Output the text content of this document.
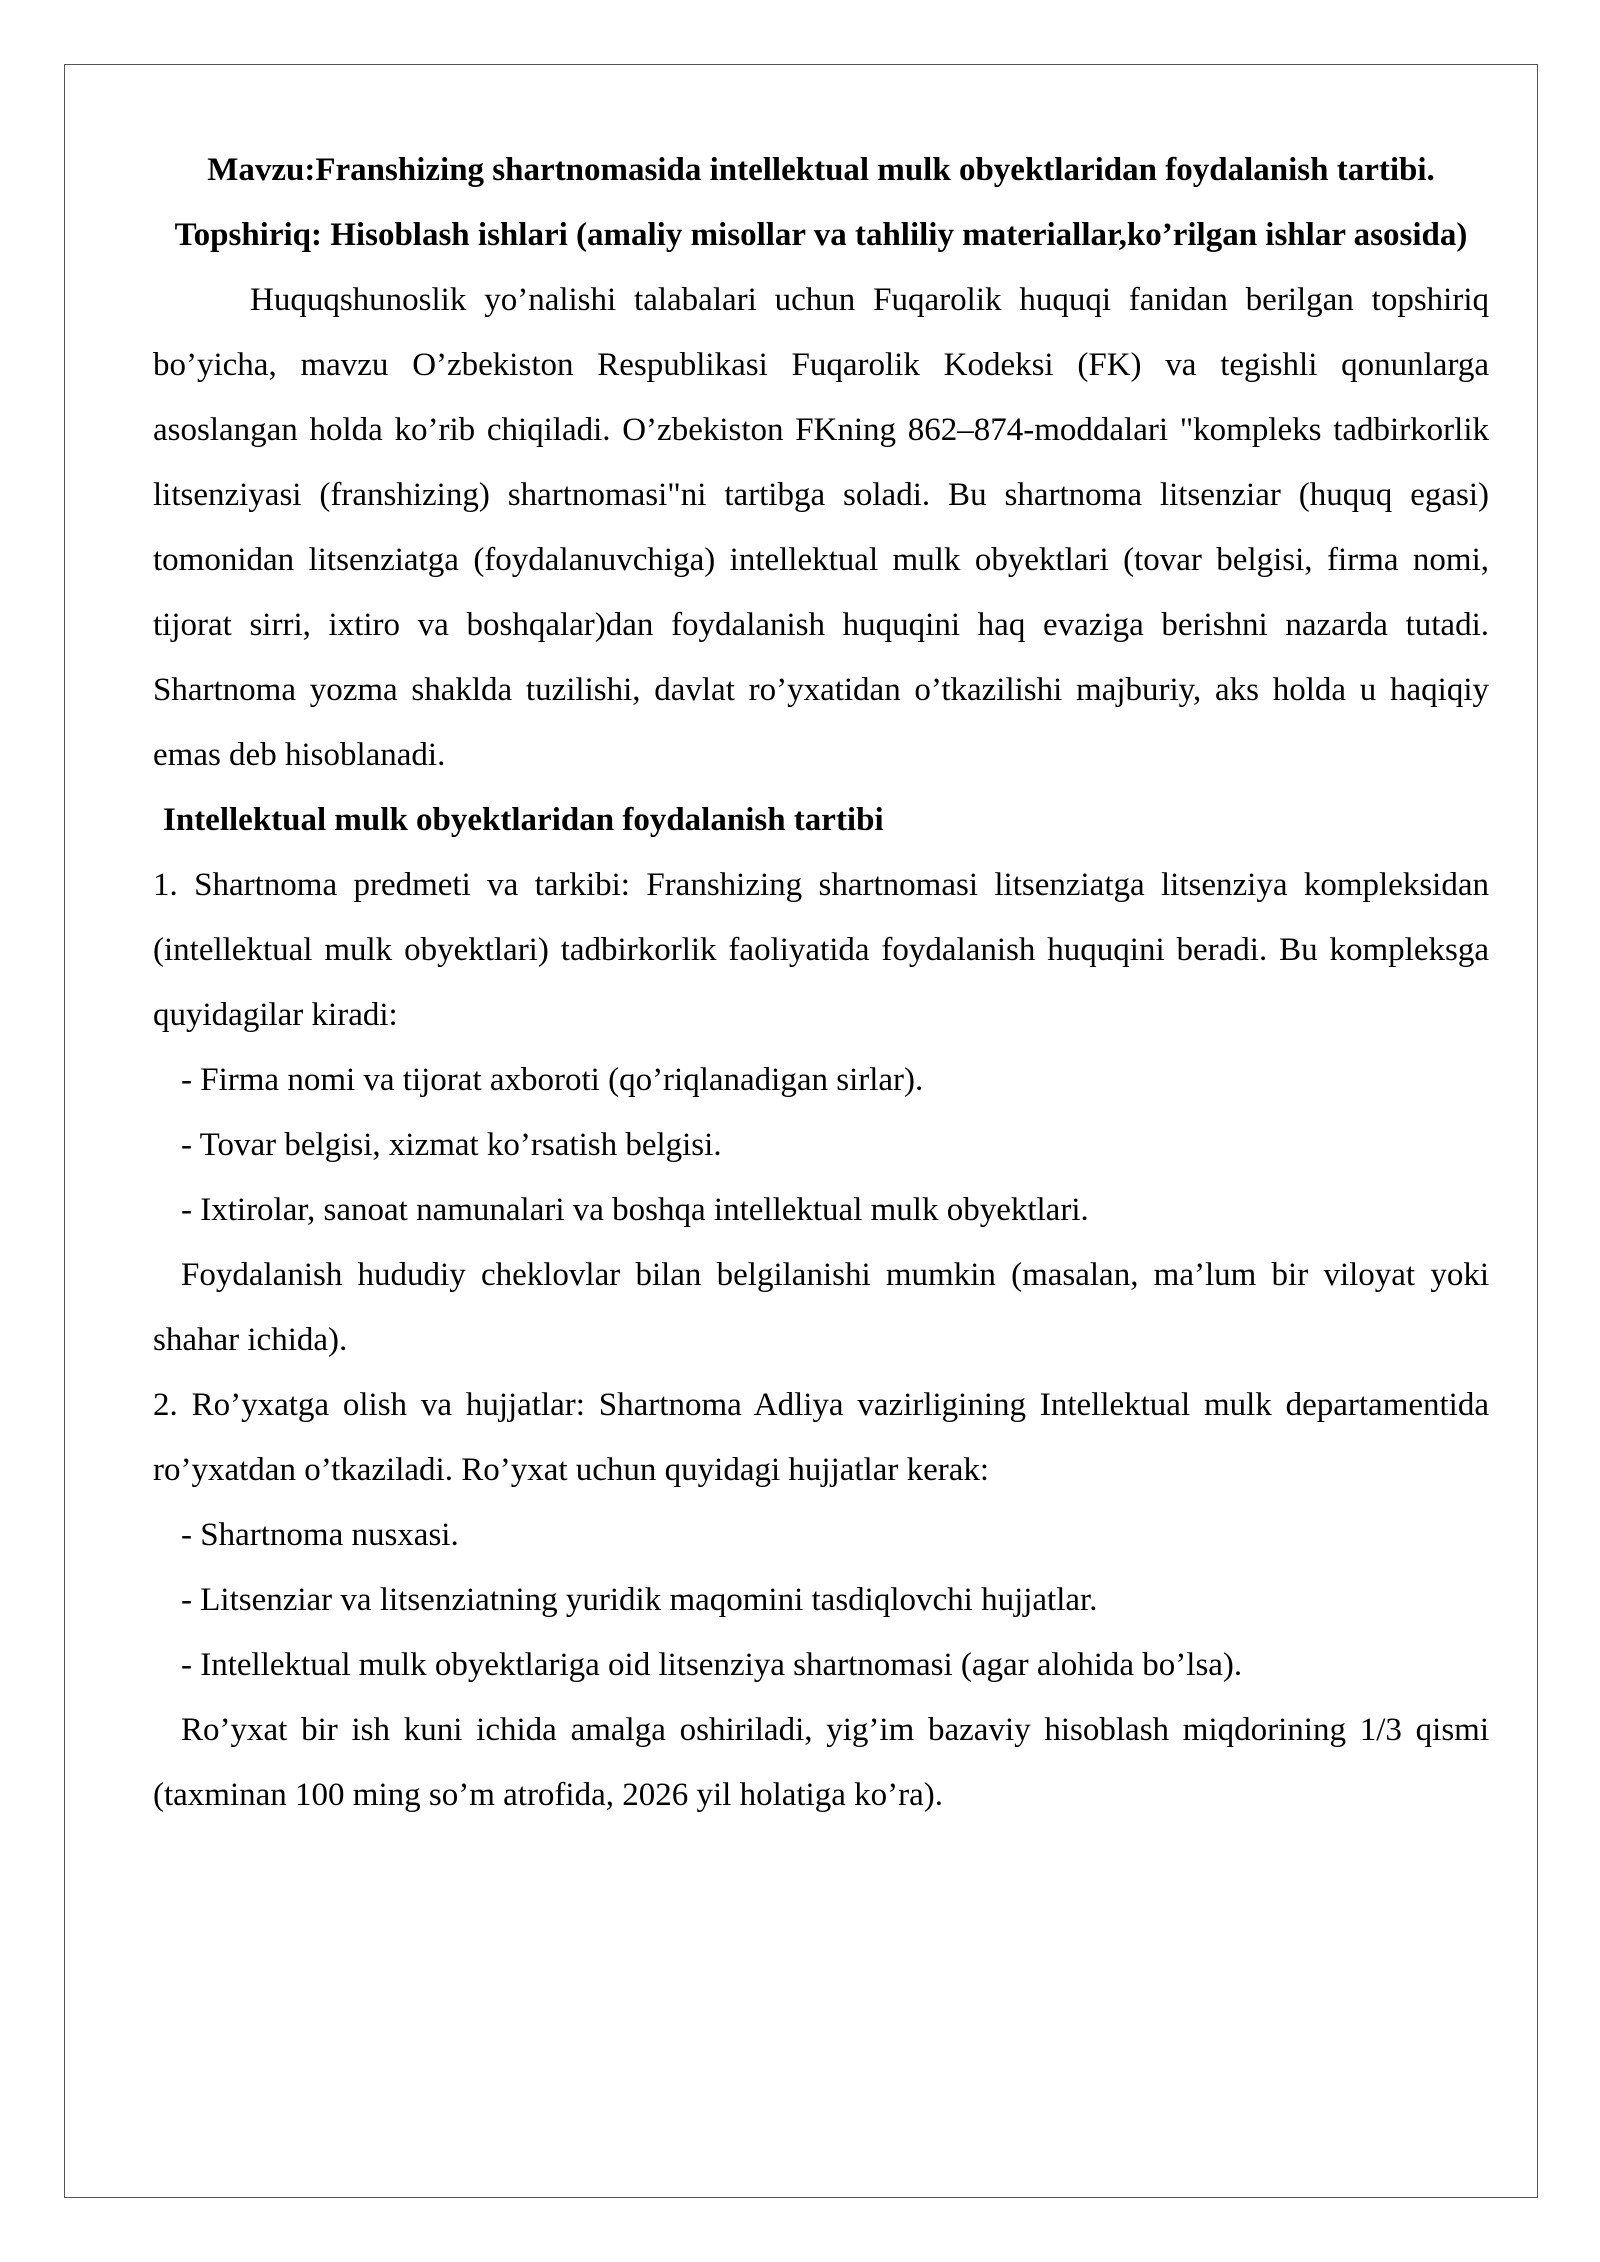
Mavzu:Franshizing shartnomasida intellektual mulk obyektlaridan foydalanish tartibi.

Topshiriq: Hisoblash ishlari (amaliy misollar va tahliliy materiallar,ko’rilgan ishlar asosida)

Huquqshunoslik yo’nalishi talabalari uchun Fuqarolik huquqi fanidan berilgan topshiriq bo’yicha, mavzu O’zbekiston Respublikasi Fuqarolik Kodeksi (FK) va tegishli qonunlarga asoslangan holda ko’rib chiqiladi. O’zbekiston FKning 862–874-moddalari "kompleks tadbirkorlik litsenziyasi (franshizing) shartnomasi"ni tartibga soladi. Bu shartnoma litsenziar (huquq egasi) tomonidan litsenziatga (foydalanuvchiga) intellektual mulk obyektlari (tovar belgisi, firma nomi, tijorat sirri, ixtiro va boshqalar)dan foydalanish huquqini haq evaziga berishni nazarda tutadi. Shartnoma yozma shakldа tuzilishi, davlat ro’yxatidan o’tkazilishi majburiy, aks holda u haqiqiy emas deb hisoblanadi.

Intellektual mulk obyektlaridan foydalanish tartibi

1. Shartnoma predmeti va tarkibi: Franshizing shartnomasi litsenziatga litsenziya kompleksidan (intellektual mulk obyektlari) tadbirkorlik faoliyatida foydalanish huquqini beradi. Bu kompleksga quyidagilar kiradi:

- Firma nomi va tijorat axboroti (qo’riqlanadigan sirlar).

- Tovar belgisi, xizmat ko’rsatish belgisi.

- Ixtirolar, sanoat namunalari va boshqa intellektual mulk obyektlari.

Foydalanish hududiy cheklovlar bilan belgilanishi mumkin (masalan, ma’lum bir viloyat yoki shahar ichida).

2. Ro’yxatga olish va hujjatlar: Shartnoma Adliya vazirligining Intellektual mulk departamentida ro’yxatdan o’tkaziladi. Ro’yxat uchun quyidagi hujjatlar kerak:

- Shartnoma nusxasi.

- Litsenziar va litsenziatning yuridik maqomini tasdiqlovchi hujjatlar.

- Intellektual mulk obyektlariga oid litsenziya shartnomasi (agar alohida bo’lsa).

Ro’yxat bir ish kuni ichida amalga oshiriladi, yig’im bazaviy hisoblash miqdorining 1/3 qismi (taxminan 100 ming so’m atrofida, 2026 yil holatiga ko’ra).
